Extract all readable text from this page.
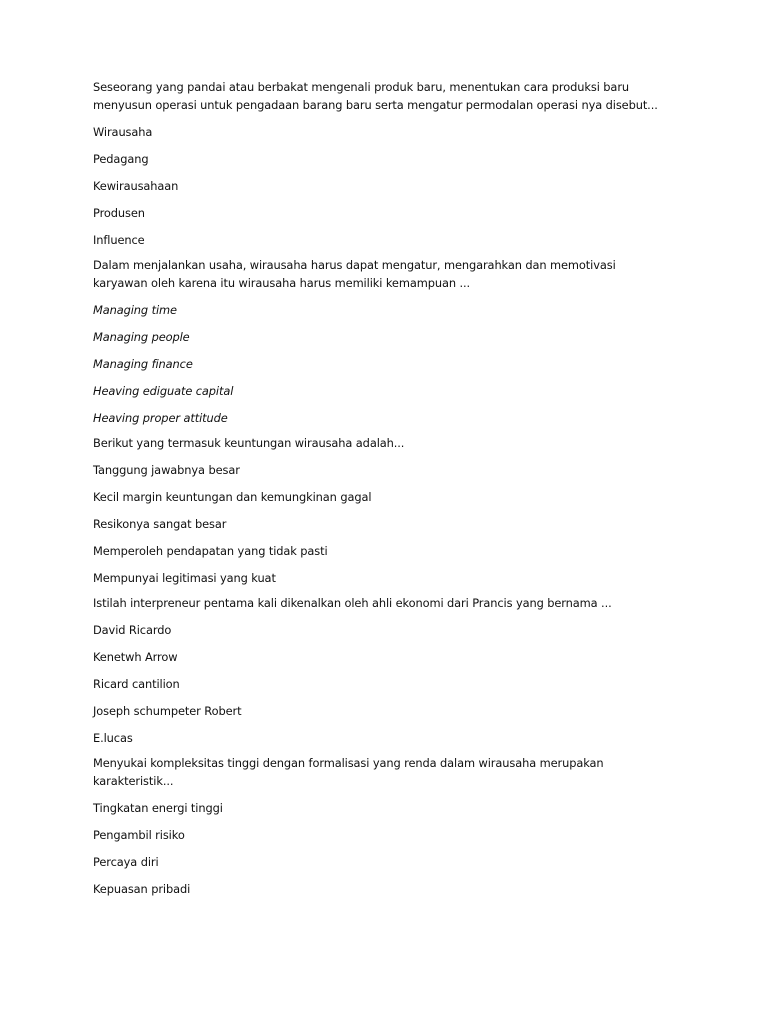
Seseorang yang pandai atau berbakat mengenali produk baru, menentukan cara produksi baru
menyusun operasi untuk pengadaan barang baru serta mengatur permodalan operasi nya disebut...
Wirausaha
Pedagang
Kewirausahaan
Produsen
Influence
Dalam menjalankan usaha, wirausaha harus dapat mengatur, mengarahkan dan memotivasi
karyawan oleh karena itu wirausaha harus memiliki kemampuan ...
Managing time
Managing people
Managing finance
Heaving ediguate capital
Heaving proper attitude
Berikut yang termasuk keuntungan wirausaha adalah...
Tanggung jawabnya besar
Kecil margin keuntungan dan kemungkinan gagal
Resikonya sangat besar
Memperoleh pendapatan yang tidak pasti
Mempunyai legitimasi yang kuat
Istilah interpreneur pentama kali dikenalkan oleh ahli ekonomi dari Prancis yang bernama ...
David Ricardo
Kenetwh Arrow
Ricard cantilion
Joseph schumpeter Robert
E.lucas
Menyukai kompleksitas tinggi dengan formalisasi yang renda dalam wirausaha merupakan
karakteristik...
Tingkatan energi tinggi
Pengambil risiko
Percaya diri
Kepuasan pribadi
